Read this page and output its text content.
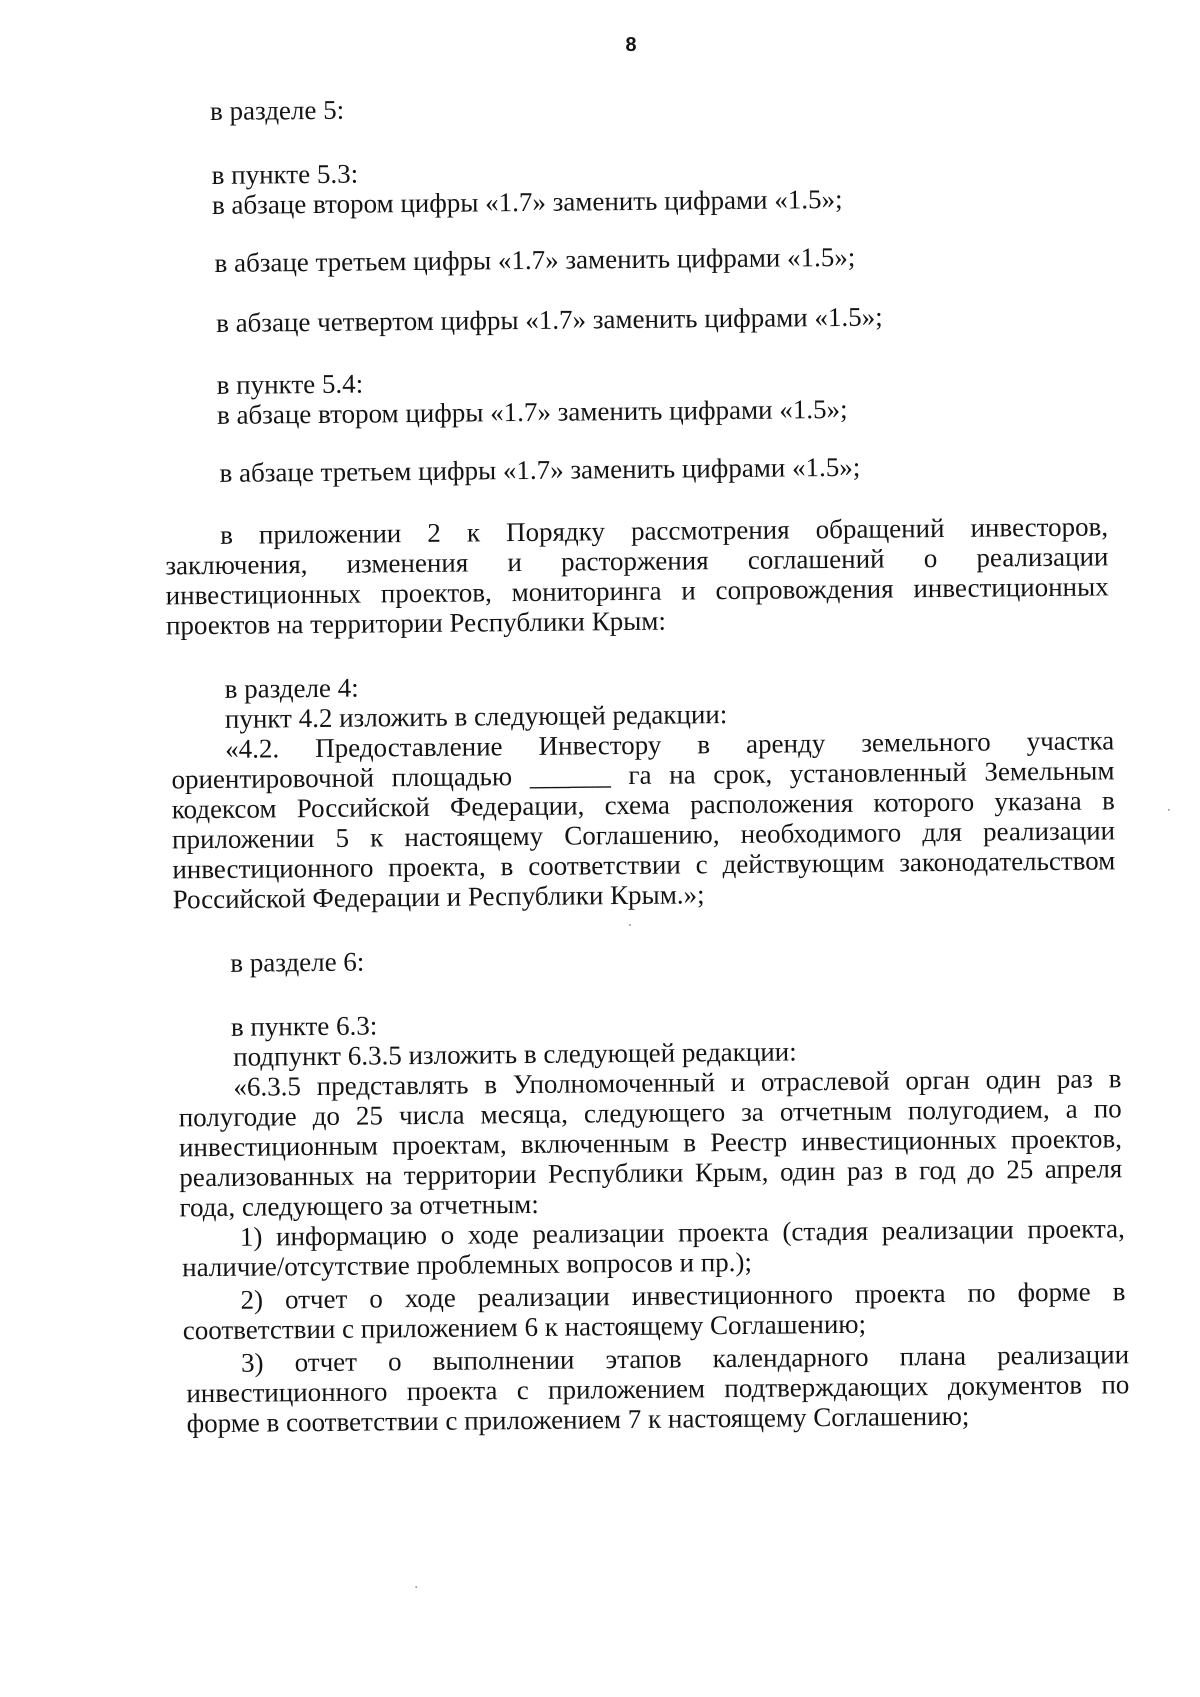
8

в разделе 5:

в пункте 5.3:

в абзаце втором цифры «1.7» заменить цифрами «1.5»;

в абзаце третьем цифры «1.7» заменить цифрами «1.5»;

в абзаце четвертом цифры «1.7» заменить цифрами «1.5»;

в пункте 5.4:

в абзаце втором цифры «1.7» заменить цифрами «1.5»;

в абзаце третьем цифры «1.7» заменить цифрами «1.5»;

в приложении 2 к Порядку рассмотрения обращений инвесторов,

заключения, изменения и расторжения соглашений о реализации

инвестиционных проектов, мониторинга и сопровождения инвестиционных

проектов на территории Республики Крым:

в разделе 4:

пункт 4.2 изложить в следующей редакции:

«4.2. Предоставление Инвестору в аренду земельного участка

ориентировочной площадью ______ га на срок, установленный Земельным

кодексом Российской Федерации, схема расположения которого указана в

приложении 5 к настоящему Соглашению, необходимого для реализации

инвестиционного проекта, в соответствии с действующим законодательством

Российской Федерации и Республики Крым.»;

в разделе 6:

в пункте 6.3:

подпункт 6.3.5 изложить в следующей редакции:

«6.3.5 представлять в Уполномоченный и отраслевой орган один раз в

полугодие до 25 числа месяца, следующего за отчетным полугодием, а по

инвестиционным проектам, включенным в Реестр инвестиционных проектов,

реализованных на территории Республики Крым, один раз в год до 25 апреля

года, следующего за отчетным:

1) информацию о ходе реализации проекта (стадия реализации проекта,

наличие/отсутствие проблемных вопросов и пр.);

2) отчет о ходе реализации инвестиционного проекта по форме в

соответствии с приложением 6 к настоящему Соглашению;

3) отчет о выполнении этапов календарного плана реализации

инвестиционного проекта с приложением подтверждающих документов по

форме в соответствии с приложением 7 к настоящему Соглашению;
